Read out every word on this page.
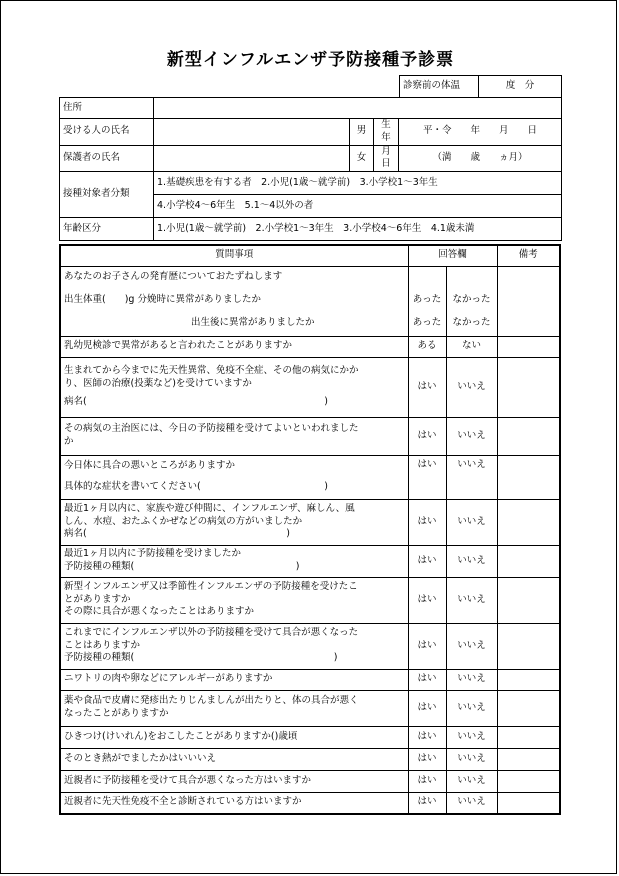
新型インフルエンザ予防接種予診票
診察前の体温	度　分
住所				
受ける人の氏名		男	生年	平・令　　年　　月　　日
保護者の氏名		女	月日	（満　　歳　　ヵ月）
接種対象者分類	1.基礎疾患を有する者　2.小児(1歳～就学前)　3.小学校1～3年生			
	4.小学校4～6年生　5.1～4以外の者			
年齢区分	1.小児(1歳～就学前)　2.小学校1～3年生　3.小学校4～6年生　4.1歳未満			
質問事項	回答欄		備考
あなたのお子さんの発育歴についておたずねします			
出生体重(　　)g 分娩時に異常がありましたか	あった	なかった	
出生後に異常がありましたか	あった	なかった	
乳幼児検診で異常があると言われたことがありますか	ある	ない	

生まれてから今までに先天性異常、免疫不全症、その他の病気にかか
り、医師の治療(投薬など)を受けていますか
病名(　　　　　　　　　　　　　　　　　　　　　　　　　)	はい	いいえ	

その病気の主治医には、今日の予防接種を受けてよいといわれました
か	はい	いいえ	

今日体に具合の悪いところがありますか
具体的な症状を書いてください(　　　　　　　　　　　　　)	はい	いいえ	

最近1ヶ月以内に、家族や遊び仲間に、インフルエンザ、麻しん、風
しん、水痘、おたふくかぜなどの病気の方がいましたか
病名(　　　　　　　　　　　　　　　　　　　　　)	はい	いいえ	

最近1ヶ月以内に予防接種を受けましたか
予防接種の種類(　　　　　　　　　　　　　　　　　)	はい	いいえ	

新型インフルエンザ又は季節性インフルエンザの予防接種を受けたこ
とがありますか
その際に具合が悪くなったことはありますか	はい	いいえ	

これまでにインフルエンザ以外の予防接種を受けて具合が悪くなった
ことはありますか
予防接種の種類(　　　　　　　　　　　　　　　　　　　　　)	はい	いいえ	
ニワトリの肉や卵などにアレルギーがありますか	はい	いいえ	

薬や食品で皮膚に発疹出たりじんましんが出たりと、体の具合が悪く
なったことがありますか	はい	いいえ	
ひきつけ(けいれん)をおこしたことがありますか()歳頃	はい	いいえ	
そのとき熱がでましたかはいいいえ	はい	いいえ	
近親者に予防接種を受けて具合が悪くなった方はいますか	はい	いいえ	
近親者に先天性免疫不全と診断されている方はいますか	はい	いいえ	
